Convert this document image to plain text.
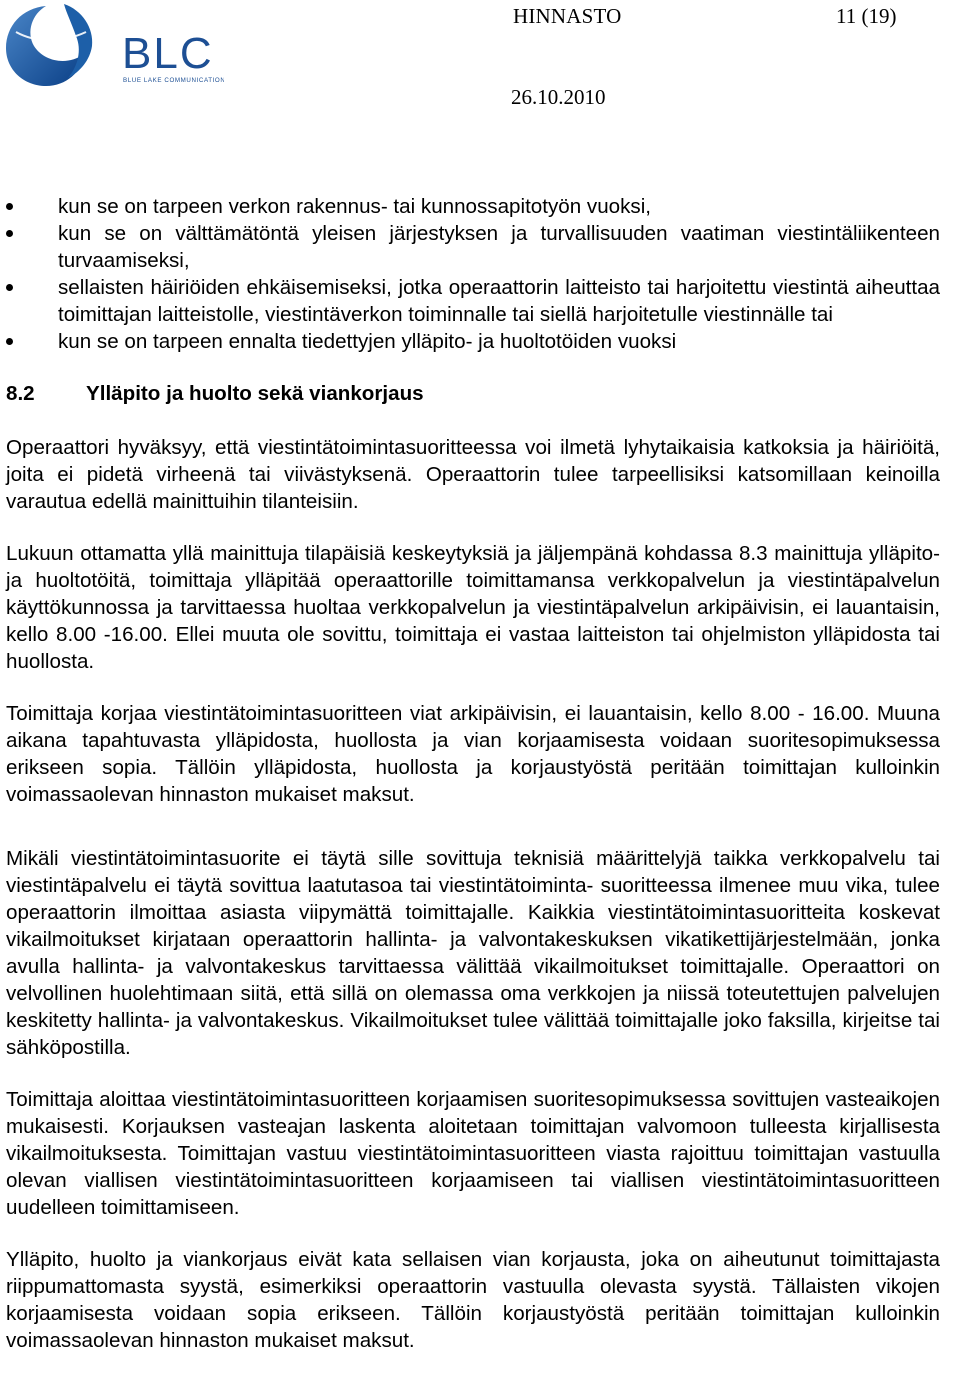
BLC
BLUE LAKE COMMUNICATIONS
HINNASTO	11 (19)
26.10.2010
kun se on tarpeen verkon rakennus- tai kunnossapitotyön vuoksi,
kun se on välttämätöntä yleisen järjestyksen ja turvallisuuden vaatiman viestintäliikenteen turvaamiseksi,
sellaisten häiriöiden ehkäisemiseksi, jotka operaattorin laitteisto tai harjoitettu viestintä aiheuttaa toimittajan laitteistolle, viestintäverkon toiminnalle tai siellä harjoitetulle viestinnälle tai
kun se on tarpeen ennalta tiedettyjen ylläpito- ja huoltotöiden vuoksi
8.2 Ylläpito ja huolto sekä viankorjaus

Operaattori hyväksyy, että viestintätoimintasuoritteessa voi ilmetä lyhytaikaisia katkoksia ja häiriöitä, joita ei pidetä virheenä tai viivästyksenä. Operaattorin tulee tarpeellisiksi katsomillaan keinoilla varautua edellä mainittuihin tilanteisiin.

Lukuun ottamatta yllä mainittuja tilapäisiä keskeytyksiä ja jäljempänä kohdassa 8.3 mainittuja ylläpito- ja huoltotöitä, toimittaja ylläpitää operaattorille toimittamansa verkkopalvelun ja viestintäpalvelun käyttökunnossa ja tarvittaessa huoltaa verkkopalvelun ja viestintäpalvelun arkipäivisin, ei lauantaisin, kello 8.00 -16.00. Ellei muuta ole sovittu, toimittaja ei vastaa laitteiston tai ohjelmiston ylläpidosta tai huollosta.

Toimittaja korjaa viestintätoimintasuoritteen viat arkipäivisin, ei lauantaisin, kello 8.00 - 16.00. Muuna aikana tapahtuvasta ylläpidosta, huollosta ja vian korjaamisesta voidaan suoritesopimuksessa erikseen sopia. Tällöin ylläpidosta, huollosta ja korjaustyöstä peritään toimittajan kulloinkin voimassaolevan hinnaston mukaiset maksut.

Mikäli viestintätoimintasuorite ei täytä sille sovittuja teknisiä määrittelyjä taikka verkkopalvelu tai viestintäpalvelu ei täytä sovittua laatutasoa tai viestintätoiminta- suoritteessa ilmenee muu vika, tulee operaattorin ilmoittaa asiasta viipymättä toimittajalle. Kaikkia viestintätoimintasuoritteita koskevat vikailmoitukset kirjataan operaattorin hallinta- ja valvontakeskuksen vikatikettijärjestelmään, jonka avulla hallinta- ja valvontakeskus tarvittaessa välittää vikailmoitukset toimittajalle. Operaattori on velvollinen huolehtimaan siitä, että sillä on olemassa oma verkkojen ja niissä toteutettujen palvelujen keskitetty hallinta- ja valvontakeskus. Vikailmoitukset tulee välittää toimittajalle joko faksilla, kirjeitse tai sähköpostilla.

Toimittaja aloittaa viestintätoimintasuoritteen korjaamisen suoritesopimuksessa sovittujen vasteaikojen mukaisesti. Korjauksen vasteajan laskenta aloitetaan toimittajan valvomoon tulleesta kirjallisesta vikailmoituksesta. Toimittajan vastuu viestintätoimintasuoritteen viasta rajoittuu toimittajan vastuulla olevan viallisen viestintätoimintasuoritteen korjaamiseen tai viallisen viestintätoimintasuoritteen uudelleen toimittamiseen.

Ylläpito, huolto ja viankorjaus eivät kata sellaisen vian korjausta, joka on aiheutunut toimittajasta riippumattomasta syystä, esimerkiksi operaattorin vastuulla olevasta syystä. Tällaisten vikojen korjaamisesta voidaan sopia erikseen. Tällöin korjaustyöstä peritään toimittajan kulloinkin voimassaolevan hinnaston mukaiset maksut.
